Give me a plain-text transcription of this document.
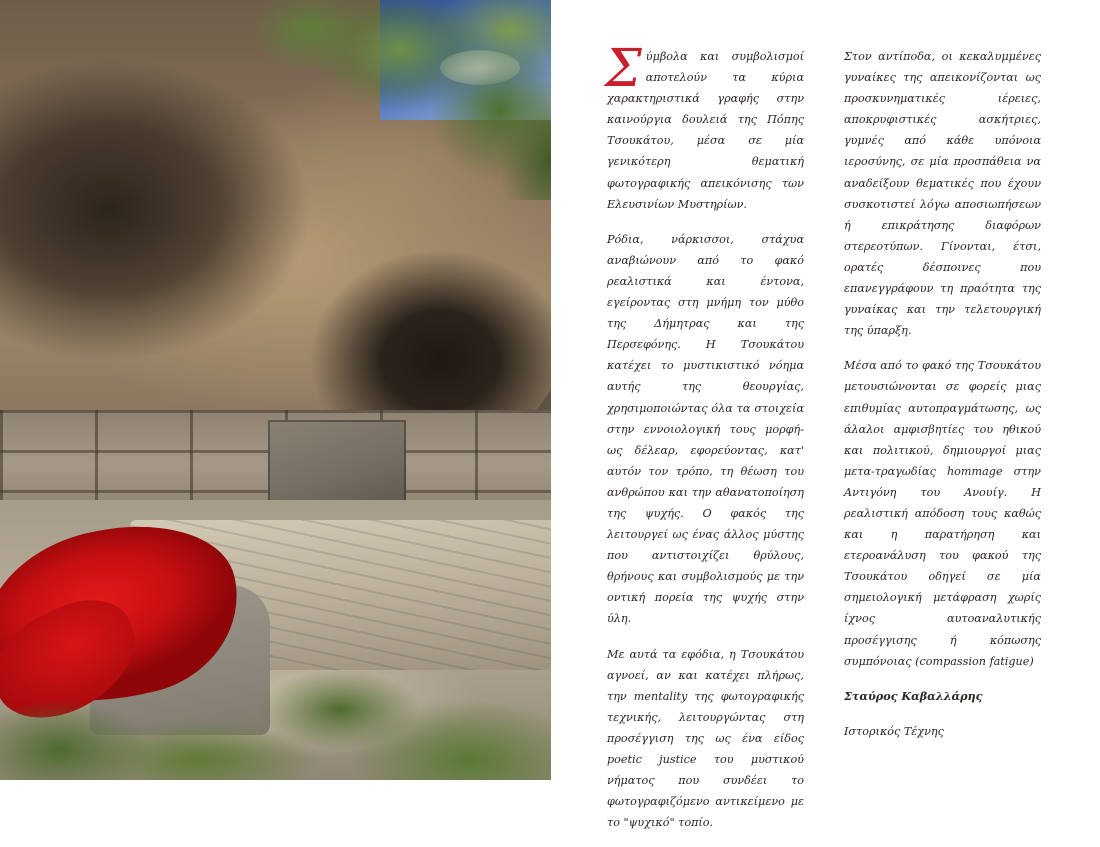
Σύμβολα και συμβολισμοί αποτελούν τα κύρια χαρακτηριστικά γραφής στην καινούργια δουλειά της Πόπης Τσουκάτου, μέσα σε μία γενικότερη θεματική φωτογραφικής απεικόνισης των Ελευσινίων Μυστηρίων.

Ρόδια, νάρκισσοι, στάχυα αναβιώνουν από το φακό ρεαλιστικά και έντονα, εγείροντας στη μνήμη τον μύθο της Δήμητρας και της Περσεφόνης. Η Τσουκάτου κατέχει το μυστικιστικό νόημα αυτής της θεουργίας, χρησιμοποιώντας όλα τα στοιχεία στην εννοιολογική τους μορφή- ως δέλεαρ, εφορεύοντας, κατ' αυτόν τον τρόπο, τη θέωση του ανθρώπου και την αθανατοποίηση της ψυχής. Ο φακός της λειτουργεί ως ένας άλλος μύστης που αντιστοιχίζει θρύλους, θρήνους και συμβολισμούς με την οντική πορεία της ψυχής στην ύλη.

Με αυτά τα εφόδια, η Τσουκάτου αγνοεί, αν και κατέχει πλήρως, την mentality της φωτογραφικής τεχνικής, λειτουργώντας στη προσέγγιση της ως ένα είδος poetic justice του μυστικού νήματος που συνδέει το φωτογραφιζόμενο αντικείμενο με το "ψυχικό" τοπίο.

Στον αντίποδα, οι κεκαλυμμένες γυναίκες της απεικονίζονται ως προσκυνηματικές ιέρειες, αποκρυφιστικές ασκήτριες, γυμνές από κάθε υπόνοια ιεροσύνης, σε μία προσπάθεια να αναδείξουν θεματικές που έχουν συσκοτιστεί λόγω αποσιωπήσεων ή επικράτησης διαφόρων στερεοτύπων. Γίνονται, έτσι, ορατές δέσποινες που επανεγγράφουν τη πραότητα της γυναίκας και την τελετουργική της ύπαρξη.

Μέσα από το φακό της Τσουκάτου μετουσιώνονται σε φορείς μιας επιθυμίας αυτοπραγμάτωσης, ως άλαλοι αμφισβητίες του ηθικού και πολιτικού, δημιουργοί μιας μετα-τραγωδίας hommage στην Αντιγόνη του Ανουίγ. Η ρεαλιστική απόδοση τους καθώς και η παρατήρηση και ετεροανάλυση του φακού της Τσουκάτου οδηγεί σε μία σημειολογική μετάφραση χωρίς ίχνος αυτοαναλυτικής προσέγγισης ή κόπωσης συμπόνοιας (compassion fatigue)

Σταύρος Καβαλλάρης

Ιστορικός Τέχνης
